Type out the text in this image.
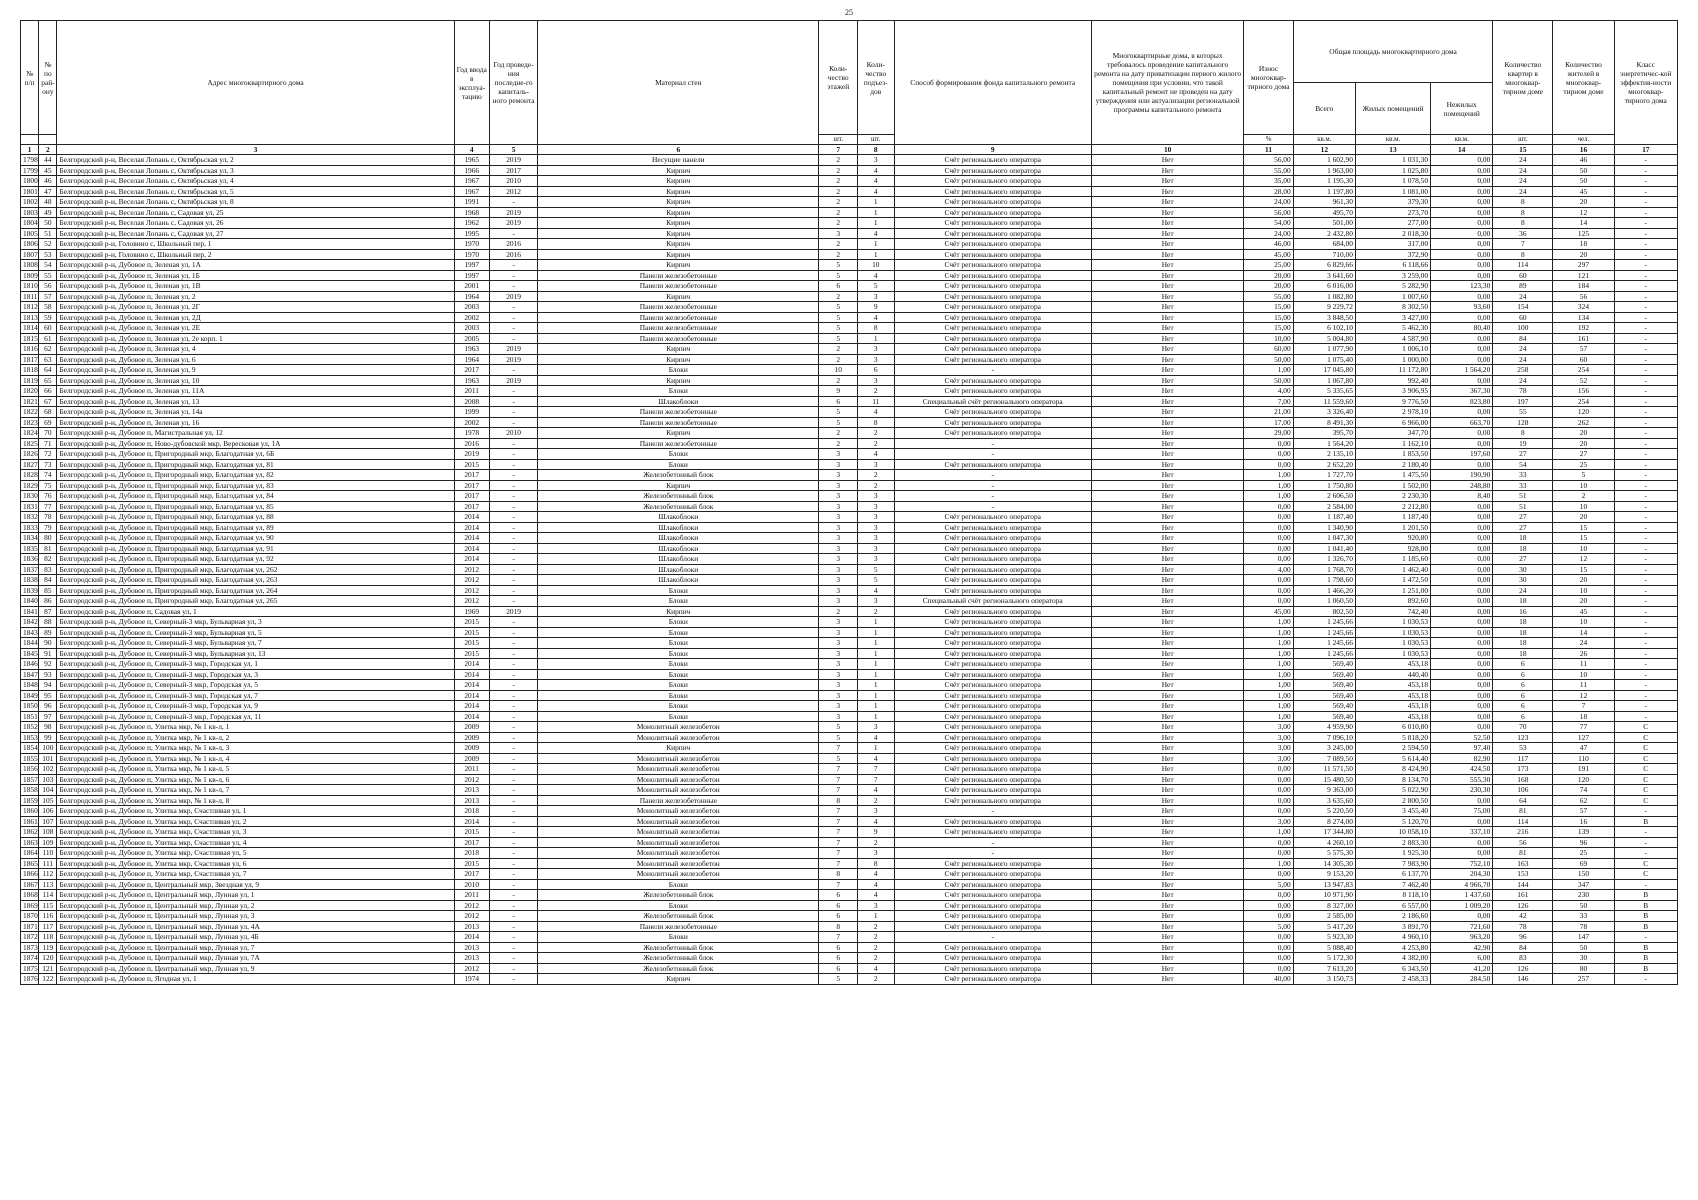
25
№ п/п	№ по рай-ону	Адрес многоквартирного дома	Год ввода в эксплуа-тацию	Год проведе-ния последне-го капиталь-ного ремонта	Материал стен	Коли-чество этажей	Коли-чество подъез-дов	Способ формирования фонда капитального ремонта	Многоквартирные дома, в которых требовалось проведение капитального ремонта на дату приватизации первого жилого помещения при условии, что такой капитальный ремонт не проведен на дату утверждения или актуализации региональной программы капитального ремонта	Износ многоквар-тирного дома	Общая площадь многоквартирного дома			Количество квартир в многоквар-тирном доме	Количество жителей в многоквар-тирном доме	Класс энергетичес-кой эффектив-ности многоквар-тирного дома
											Всего	Жилых помещений	Нежилых помещений			
						шт.	шт.			%	кв.м.	кв.м.	кв.м.	шт.	чел.	
1	2	3	4	5	6	7	8	9	10	11	12	13	14	15	16	17
1798	44	Белгородский р-н, Веселая Лопань с, Октябрьская ул, 2	1965	2019	Несущие панели	2	3	Счёт регионального оператора	Нет	56,00	1 602,90	1 031,30	0,00	24	46	-
1799	45	Белгородский р-н, Веселая Лопань с, Октябрьская ул, 3	1966	2017	Кирпич	2	4	Счёт регионального оператора	Нет	55,00	1 963,00	1 025,80	0,00	24	50	-
1800	46	Белгородский р-н, Веселая Лопань с, Октябрьская ул, 4	1967	2010	Кирпич	2	4	Счёт регионального оператора	Нет	35,00	1 195,30	1 078,50	0,00	24	50	-
1801	47	Белгородский р-н, Веселая Лопань с, Октябрьская ул, 5	1967	2012	Кирпич	2	4	Счёт регионального оператора	Нет	28,00	1 197,80	1 081,00	0,00	24	45	-
1802	48	Белгородский р-н, Веселая Лопань с, Октябрьская ул, 8	1991	-	Кирпич	2	1	Счёт регионального оператора	Нет	24,00	961,30	379,30	0,00	8	20	-
1803	49	Белгородский р-н, Веселая Лопань с, Садовая ул, 25	1968	2019	Кирпич	2	1	Счёт регионального оператора	Нет	56,00	495,70	273,70	0,00	8	12	-
1804	50	Белгородский р-н, Веселая Лопань с, Садовая ул, 26	1962	2019	Кирпич	2	1	Счёт регионального оператора	Нет	54,00	501,00	277,00	0,00	8	14	-
1805	51	Белгородский р-н, Веселая Лопань с, Садовая ул, 27	1995	-	Кирпич	3	4	Счёт регионального оператора	Нет	24,00	2 432,80	2 018,30	0,00	36	125	-
1806	52	Белгородский р-н, Головино с, Школьный пер, 1	1970	2016	Кирпич	2	1	Счёт регионального оператора	Нет	46,00	684,00	317,00	0,00	7	18	-
1807	53	Белгородский р-н, Головино с, Школьный пер, 2	1970	2016	Кирпич	2	1	Счёт регионального оператора	Нет	45,00	710,00	372,90	0,00	8	20	-
1808	54	Белгородский р-н, Дубовое п, Зеленая ул, 1А	1997	-	Кирпич	5	10	Счёт регионального оператора	Нет	25,00	6 829,66	6 118,66	0,00	114	297	-
1809	55	Белгородский р-н, Дубовое п, Зеленая ул, 1Б	1997	-	Панели железобетонные	5	4	Счёт регионального оператора	Нет	20,00	3 641,60	3 259,00	0,00	60	121	-
1810	56	Белгородский р-н, Дубовое п, Зеленая ул, 1В	2001	-	Панели железобетонные	6	5	Счёт регионального оператора	Нет	20,00	6 016,00	5 282,90	123,30	89	184	-
1811	57	Белгородский р-н, Дубовое п, Зеленая ул, 2	1964	2019	Кирпич	2	3	Счёт регионального оператора	Нет	55,00	1 082,80	1 007,60	0,00	24	56	-
1812	58	Белгородский р-н, Дубовое п, Зеленая ул, 2Г	2003	-	Панели железобетонные	5	9	Счёт регионального оператора	Нет	15,00	9 229,72	8 302,50	93,60	154	324	-
1813	59	Белгородский р-н, Дубовое п, Зеленая ул, 2Д	2002	-	Панели железобетонные	5	4	Счёт регионального оператора	Нет	15,00	3 848,50	3 427,00	0,00	60	134	-
1814	60	Белгородский р-н, Дубовое п, Зеленая ул, 2Е	2003	-	Панели железобетонные	5	8	Счёт регионального оператора	Нет	15,00	6 102,10	5 462,30	80,40	100	192	-
1815	61	Белгородский р-н, Дубовое п, Зеленая ул, 2е корп. 1	2005	-	Панели железобетонные	5	1	Счёт регионального оператора	Нет	10,00	5 004,80	4 587,90	0,00	84	161	-
1816	62	Белгородский р-н, Дубовое п, Зеленая ул, 4	1963	2019	Кирпич	2	3	Счёт регионального оператора	Нет	60,00	1 077,90	1 006,10	0,00	24	57	-
1817	63	Белгородский р-н, Дубовое п, Зеленая ул, 6	1964	2019	Кирпич	2	3	Счёт регионального оператора	Нет	50,00	1 075,40	1 000,00	0,00	24	60	-
1818	64	Белгородский р-н, Дубовое п, Зеленая ул, 9	2017	-	Блоки	10	6	-	Нет	1,00	17 045,80	11 172,80	1 564,20	258	254	-
1819	65	Белгородский р-н, Дубовое п, Зеленая ул, 10	1963	2019	Кирпич	2	3	Счёт регионального оператора	Нет	50,00	1 067,80	992,40	0,00	24	52	-
1820	66	Белгородский р-н, Дубовое п, Зеленая ул, 11А	2011	-	Блоки	9	2	Счёт регионального оператора	Нет	4,00	5 335,65	3 906,95	367,30	78	156	-
1821	67	Белгородский р-н, Дубовое п, Зеленая ул, 13	2008	-	Шлакоблоки	6	11	Специальный счёт регионального оператора	Нет	7,00	11 559,60	9 776,50	823,80	197	254	-
1822	68	Белгородский р-н, Дубовое п, Зеленая ул, 14а	1999	-	Панели железобетонные	5	4	Счёт регионального оператора	Нет	21,00	3 326,40	2 978,10	0,00	55	120	-
1823	69	Белгородский р-н, Дубовое п, Зеленая ул, 16	2002	-	Панели железобетонные	5	8	Счёт регионального оператора	Нет	17,00	8 491,30	6 966,00	663,70	128	262	-
1824	70	Белгородский р-н, Дубовое п, Магистральная ул, 12	1978	2010	Кирпич	2	2	Счёт регионального оператора	Нет	29,00	395,70	347,70	0,00	8	20	-
1825	71	Белгородский р-н, Дубовое п, Ново-дубовской мкр, Вересковая ул, 1А	2016	-	Панели железобетонные	2	2	-	Нет	0,00	1 564,20	1 162,10	0,00	19	20	-
1826	72	Белгородский р-н, Дубовое п, Пригородный мкр, Благодатная ул, 6Б	2019	-	Блоки	3	4	-	Нет	0,00	2 135,10	1 853,50	197,60	27	27	-
1827	73	Белгородский р-н, Дубовое п, Пригородный мкр, Благодатная ул, 81	2015	-	Блоки	3	3	Счёт регионального оператора	Нет	0,00	2 652,20	2 180,40	0,00	54	25	-
1828	74	Белгородский р-н, Дубовое п, Пригородный мкр, Благодатная ул, 82	2017	-	Железобетонный блок	3	2	-	Нет	1,00	1 727,70	1 475,50	190,90	33	5	-
1829	75	Белгородский р-н, Дубовое п, Пригородный мкр, Благодатная ул, 83	2017	-	Кирпич	3	2	-	Нет	1,00	1 750,80	1 502,00	248,80	33	10	-
1830	76	Белгородский р-н, Дубовое п, Пригородный мкр, Благодатная ул, 84	2017	-	Железобетонный блок	3	3	-	Нет	1,00	2 606,50	2 230,30	8,40	51	2	-
1831	77	Белгородский р-н, Дубовое п, Пригородный мкр, Благодатная ул, 85	2017	-	Железобетонный блок	3	3	-	Нет	0,00	2 584,00	2 212,80	0,00	51	10	-
1832	78	Белгородский р-н, Дубовое п, Пригородный мкр, Благодатная ул, 88	2014	-	Шлакоблоки	3	3	Счёт регионального оператора	Нет	0,00	1 187,40	1 187,40	0,00	27	20	-
1833	79	Белгородский р-н, Дубовое п, Пригородный мкр, Благодатная ул, 89	2014	-	Шлакоблоки	3	3	Счёт регионального оператора	Нет	0,00	1 340,90	1 201,50	0,00	27	15	-
1834	80	Белгородский р-н, Дубовое п, Пригородный мкр, Благодатная ул, 90	2014	-	Шлакоблоки	3	3	Счёт регионального оператора	Нет	0,00	1 047,30	920,80	0,00	18	15	-
1835	81	Белгородский р-н, Дубовое п, Пригородный мкр, Благодатная ул, 91	2014	-	Шлакоблоки	3	3	Счёт регионального оператора	Нет	0,00	1 041,40	928,00	0,00	18	10	-
1836	82	Белгородский р-н, Дубовое п, Пригородный мкр, Благодатная ул, 92	2014	-	Шлакоблоки	3	3	Счёт регионального оператора	Нет	0,00	1 326,70	1 185,60	0,00	27	12	-
1837	83	Белгородский р-н, Дубовое п, Пригородный мкр, Благодатная ул, 262	2012	-	Шлакоблоки	3	5	Счёт регионального оператора	Нет	4,00	1 768,70	1 462,40	0,00	30	15	-
1838	84	Белгородский р-н, Дубовое п, Пригородный мкр, Благодатная ул, 263	2012	-	Шлакоблоки	3	5	Счёт регионального оператора	Нет	0,00	1 798,60	1 472,50	0,00	30	20	-
1839	85	Белгородский р-н, Дубовое п, Пригородный мкр, Благодатная ул, 264	2012	-	Блоки	3	4	Счёт регионального оператора	Нет	0,00	1 466,20	1 251,00	0,00	24	10	-
1840	86	Белгородский р-н, Дубовое п, Пригородный мкр, Благодатная ул, 265	2012	-	Блоки	3	3	Специальный счёт регионального оператора	Нет	0,00	1 060,50	892,60	0,00	18	20	-
1841	87	Белгородский р-н, Дубовое п, Садовая ул, 1	1969	2019	Кирпич	2	2	Счёт регионального оператора	Нет	45,00	802,50	742,40	0,00	16	45	-
1842	88	Белгородский р-н, Дубовое п, Северный-3 мкр, Бульварная ул, 3	2015	-	Блоки	3	1	Счёт регионального оператора	Нет	1,00	1 245,66	1 030,53	0,00	18	10	-
1843	89	Белгородский р-н, Дубовое п, Северный-3 мкр, Бульварная ул, 5	2015	-	Блоки	3	1	Счёт регионального оператора	Нет	1,00	1 245,66	1 030,53	0,00	18	14	-
1844	90	Белгородский р-н, Дубовое п, Северный-3 мкр, Бульварная ул, 7	2015	-	Блоки	3	1	Счёт регионального оператора	Нет	1,00	1 245,66	1 030,53	0,00	18	24	-
1845	91	Белгородский р-н, Дубовое п, Северный-3 мкр, Бульварная ул, 13	2015	-	Блоки	3	1	Счёт регионального оператора	Нет	1,00	1 245,66	1 030,53	0,00	18	26	-
1846	92	Белгородский р-н, Дубовое п, Северный-3 мкр, Городская ул, 1	2014	-	Блоки	3	1	Счёт регионального оператора	Нет	1,00	569,40	453,18	0,00	6	11	-
1847	93	Белгородский р-н, Дубовое п, Северный-3 мкр, Городская ул, 3	2014	-	Блоки	3	1	Счёт регионального оператора	Нет	1,00	569,40	440,40	0,00	6	10	-
1848	94	Белгородский р-н, Дубовое п, Северный-3 мкр, Городская ул, 5	2014	-	Блоки	3	1	Счёт регионального оператора	Нет	1,00	569,40	453,18	0,00	6	11	-
1849	95	Белгородский р-н, Дубовое п, Северный-3 мкр, Городская ул, 7	2014	-	Блоки	3	1	Счёт регионального оператора	Нет	1,00	569,40	453,18	0,00	6	12	-
1850	96	Белгородский р-н, Дубовое п, Северный-3 мкр, Городская ул, 9	2014	-	Блоки	3	1	Счёт регионального оператора	Нет	1,00	569,40	453,18	0,00	6	7	-
1851	97	Белгородский р-н, Дубовое п, Северный-3 мкр, Городская ул, 11	2014	-	Блоки	3	1	Счёт регионального оператора	Нет	1,00	569,40	453,18	0,00	6	18	-
1852	98	Белгородский р-н, Дубовое п, Улитка мкр, № 1 кв-л, 1	2009	-	Монолитный железобетон	5	3	Счёт регионального оператора	Нет	3,00	4 959,90	6 010,80	0,00	70	77	С
1853	99	Белгородский р-н, Дубовое п, Улитка мкр, № 1 кв-л, 2	2009	-	Монолитный железобетон	5	4	Счёт регионального оператора	Нет	3,00	7 096,10	5 818,20	52,50	123	127	С
1854	100	Белгородский р-н, Дубовое п, Улитка мкр, № 1 кв-л, 3	2009	-	Кирпич	7	1	Счёт регионального оператора	Нет	3,00	3 245,00	2 594,50	97,40	53	47	С
1855	101	Белгородский р-н, Дубовое п, Улитка мкр, № 1 кв-л, 4	2009	-	Монолитный железобетон	5	4	Счёт регионального оператора	Нет	3,00	7 089,50	5 614,40	82,90	117	110	С
1856	102	Белгородский р-н, Дубовое п, Улитка мкр, № 1 кв-л, 5	2011	-	Монолитный железобетон	7	7	Счёт регионального оператора	Нет	0,00	11 571,50	8 424,90	424,50	173	191	С
1857	103	Белгородский р-н, Дубовое п, Улитка мкр, № 1 кв-л, 6	2012	-	Монолитный железобетон	7	7	Счёт регионального оператора	Нет	0,00	15 480,50	8 134,70	555,30	168	120	С
1858	104	Белгородский р-н, Дубовое п, Улитка мкр, № 1 кв-л, 7	2013	-	Монолитный железобетон	7	4	Счёт регионального оператора	Нет	0,00	9 363,00	5 022,90	230,30	106	74	С
1859	105	Белгородский р-н, Дубовое п, Улитка мкр, № 1 кв-л, 8	2013	-	Панели железобетонные	8	2	Счёт регионального оператора	Нет	0,00	3 635,60	2 800,50	0,00	64	62	С
1860	106	Белгородский р-н, Дубовое п, Улитка мкр, Счастливая ул, 1	2018	-	Монолитный железобетон	7	3	-	Нет	0,00	5 220,50	3 455,40	75,00	81	57	-
1861	107	Белгородский р-н, Дубовое п, Улитка мкр, Счастливая ул, 2	2014	-	Монолитный железобетон	7	4	Счёт регионального оператора	Нет	3,00	8 274,00	5 120,70	0,00	114	16	В
1862	108	Белгородский р-н, Дубовое п, Улитка мкр, Счастливая ул, 3	2015	-	Монолитный железобетон	7	9	Счёт регионального оператора	Нет	1,00	17 344,80	10 058,10	337,10	216	139	-
1863	109	Белгородский р-н, Дубовое п, Улитка мкр, Счастливая ул, 4	2017	-	Монолитный железобетон	7	2	-	Нет	0,00	4 260,10	2 883,30	0,00	56	96	-
1864	110	Белгородский р-н, Дубовое п, Улитка мкр, Счастливая ул, 5	2018	-	Монолитный железобетон	7	3	-	Нет	0,00	5 575,30	1 925,30	0,00	81	25	-
1865	111	Белгородский р-н, Дубовое п, Улитка мкр, Счастливая ул, 6	2015	-	Монолитный железобетон	7	8	Счёт регионального оператора	Нет	1,00	14 305,30	7 983,90	752,10	163	69	С
1866	112	Белгородский р-н, Дубовое п, Улитка мкр, Счастливая ул, 7	2017	-	Монолитный железобетон	8	4	Счёт регионального оператора	Нет	0,00	9 153,20	6 137,70	204,30	153	150	С
1867	113	Белгородский р-н, Дубовое п, Центральный мкр, Звездная ул, 9	2010	-	Блоки	7	4	Счёт регионального оператора	Нет	5,00	13 947,83	7 462,40	4 966,70	144	347	-
1868	114	Белгородский р-н, Дубовое п, Центральный мкр, Лунная ул, 1	2011	-	Железобетонный блок	6	4	Счёт регионального оператора	Нет	0,00	10 971,90	8 118,10	1 437,60	161	230	В
1869	115	Белгородский р-н, Дубовое п, Центральный мкр, Лунная ул, 2	2012	-	Блоки	6	3	Счёт регионального оператора	Нет	0,00	8 327,00	6 557,00	1 009,20	126	50	В
1870	116	Белгородский р-н, Дубовое п, Центральный мкр, Лунная ул, 3	2012	-	Железобетонный блок	6	1	Счёт регионального оператора	Нет	0,00	2 585,00	2 186,60	0,00	42	33	В
1871	117	Белгородский р-н, Дубовое п, Центральный мкр, Лунная ул, 4А	2013	-	Панели железобетонные	8	2	Счёт регионального оператора	Нет	5,00	5 417,20	3 891,70	721,60	78	78	В
1872	118	Белгородский р-н, Дубовое п, Центральный мкр, Лунная ул, 4Б	2014	-	Блоки	7	2	-	Нет	0,00	5 923,30	4 960,10	963,20	96	147	-
1873	119	Белгородский р-н, Дубовое п, Центральный мкр, Лунная ул, 7	2013	-	Железобетонный блок	6	2	Счёт регионального оператора	Нет	0,00	5 088,40	4 253,80	42,90	84	50	В
1874	120	Белгородский р-н, Дубовое п, Центральный мкр, Лунная ул, 7А	2013	-	Железобетонный блок	6	2	Счёт регионального оператора	Нет	0,00	5 172,30	4 382,00	6,00	83	30	В
1875	121	Белгородский р-н, Дубовое п, Центральный мкр, Лунная ул, 9	2012	-	Железобетонный блок	6	4	Счёт регионального оператора	Нет	0,00	7 613,20	6 343,50	41,20	126	80	В
1876	122	Белгородский р-н, Дубовое п, Ягодная ул, 1	1974	-	Кирпич	5	2	Счёт регионального оператора	Нет	40,00	3 150,73	2 458,33	284,50	146	257	-
